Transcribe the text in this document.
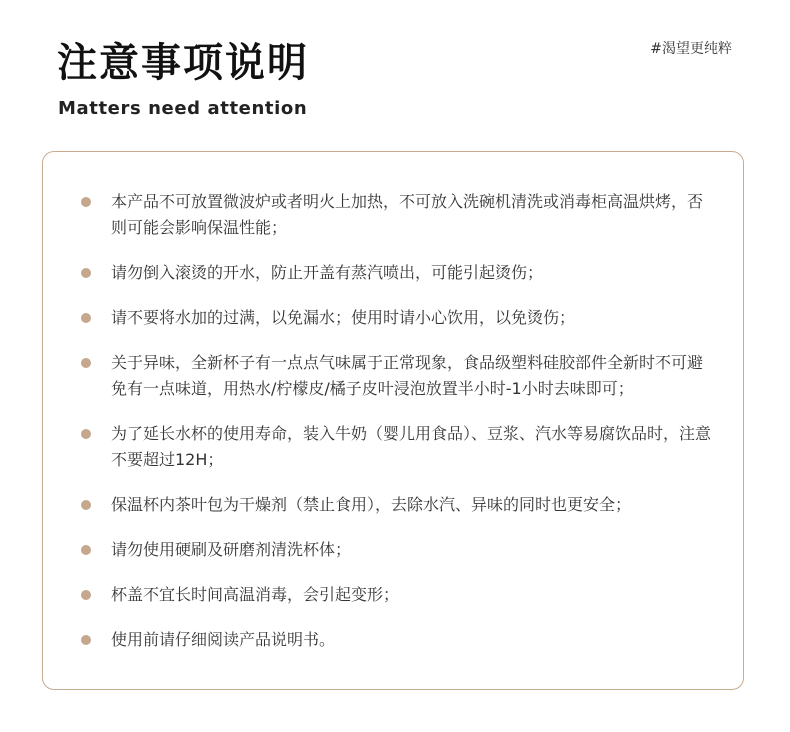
注意事项说明
Matters need attention
#渴望更纯粹
本产品不可放置微波炉或者明火上加热，不可放入洗碗机清洗或消毒柜高温烘烤，否则可能会影响保温性能；
请勿倒入滚烫的开水，防止开盖有蒸汽喷出，可能引起烫伤；
请不要将水加的过满，以免漏水；使用时请小心饮用，以免烫伤；
关于异味，全新杯子有一点点气味属于正常现象，食品级塑料硅胶部件全新时不可避免有一点味道，用热水/柠檬皮/橘子皮叶浸泡放置半小时-1小时去味即可；
为了延长水杯的使用寿命，装入牛奶（婴儿用食品）、豆浆、汽水等易腐饮品时，注意不要超过12H；
保温杯内茶叶包为干燥剂（禁止食用），去除水汽、异味的同时也更安全；
请勿使用硬刷及研磨剂清洗杯体；
杯盖不宜长时间高温消毒，会引起变形；
使用前请仔细阅读产品说明书。
